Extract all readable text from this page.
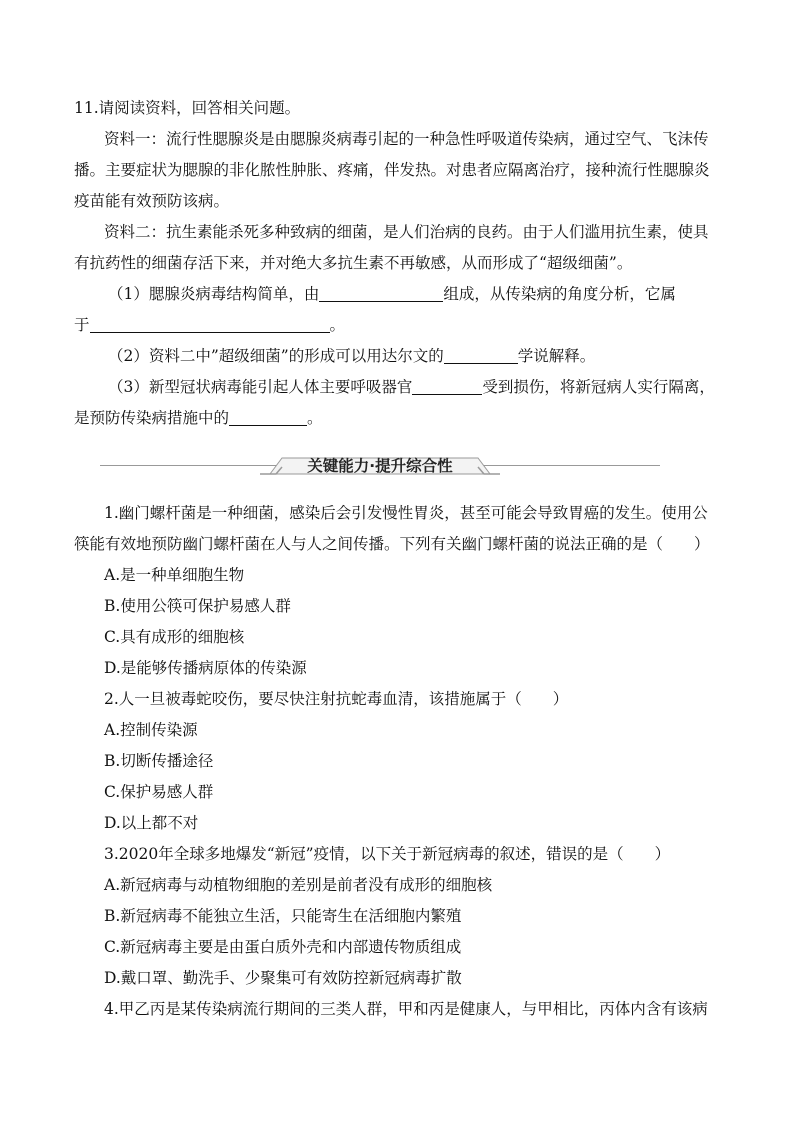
11.请阅读资料，回答相关问题。
资料一：流行性腮腺炎是由腮腺炎病毒引起的一种急性呼吸道传染病，通过空气、飞沫传
播。主要症状为腮腺的非化脓性肿胀、疼痛，伴发热。对患者应隔离治疗，接种流行性腮腺炎
疫苗能有效预防该病。
资料二：抗生素能杀死多种致病的细菌，是人们治病的良药。由于人们滥用抗生素，使具
有抗药性的细菌存活下来，并对绝大多抗生素不再敏感，从而形成了“超级细菌”。
（1）腮腺炎病毒结构简单，由	组成，从传染病的角度分析，它属
于	。
（2）资料二中”超级细菌”的形成可以用达尔文的	学说解释。
（3）新型冠状病毒能引起人体主要呼吸器官	受到损伤，将新冠病人实行隔离，
是预防传染病措施中的	。
关键能力·提升综合性
1.幽门螺杆菌是一种细菌，感染后会引发慢性胃炎，甚至可能会导致胃癌的发生。使用公
筷能有效地预防幽门螺杆菌在人与人之间传播。下列有关幽门螺杆菌的说法正确的是（　　）
A.是一种单细胞生物
B.使用公筷可保护易感人群
C.具有成形的细胞核
D.是能够传播病原体的传染源
2.人一旦被毒蛇咬伤，要尽快注射抗蛇毒血清，该措施属于（　　）
A.控制传染源
B.切断传播途径
C.保护易感人群
D.以上都不对
3.2020年全球多地爆发“新冠”疫情，以下关于新冠病毒的叙述，错误的是（　　）
A.新冠病毒与动植物细胞的差别是前者没有成形的细胞核
B.新冠病毒不能独立生活，只能寄生在活细胞内繁殖
C.新冠病毒主要是由蛋白质外壳和内部遗传物质组成
D.戴口罩、勤洗手、少聚集可有效防控新冠病毒扩散
4.甲乙丙是某传染病流行期间的三类人群，甲和丙是健康人，与甲相比，丙体内含有该病
